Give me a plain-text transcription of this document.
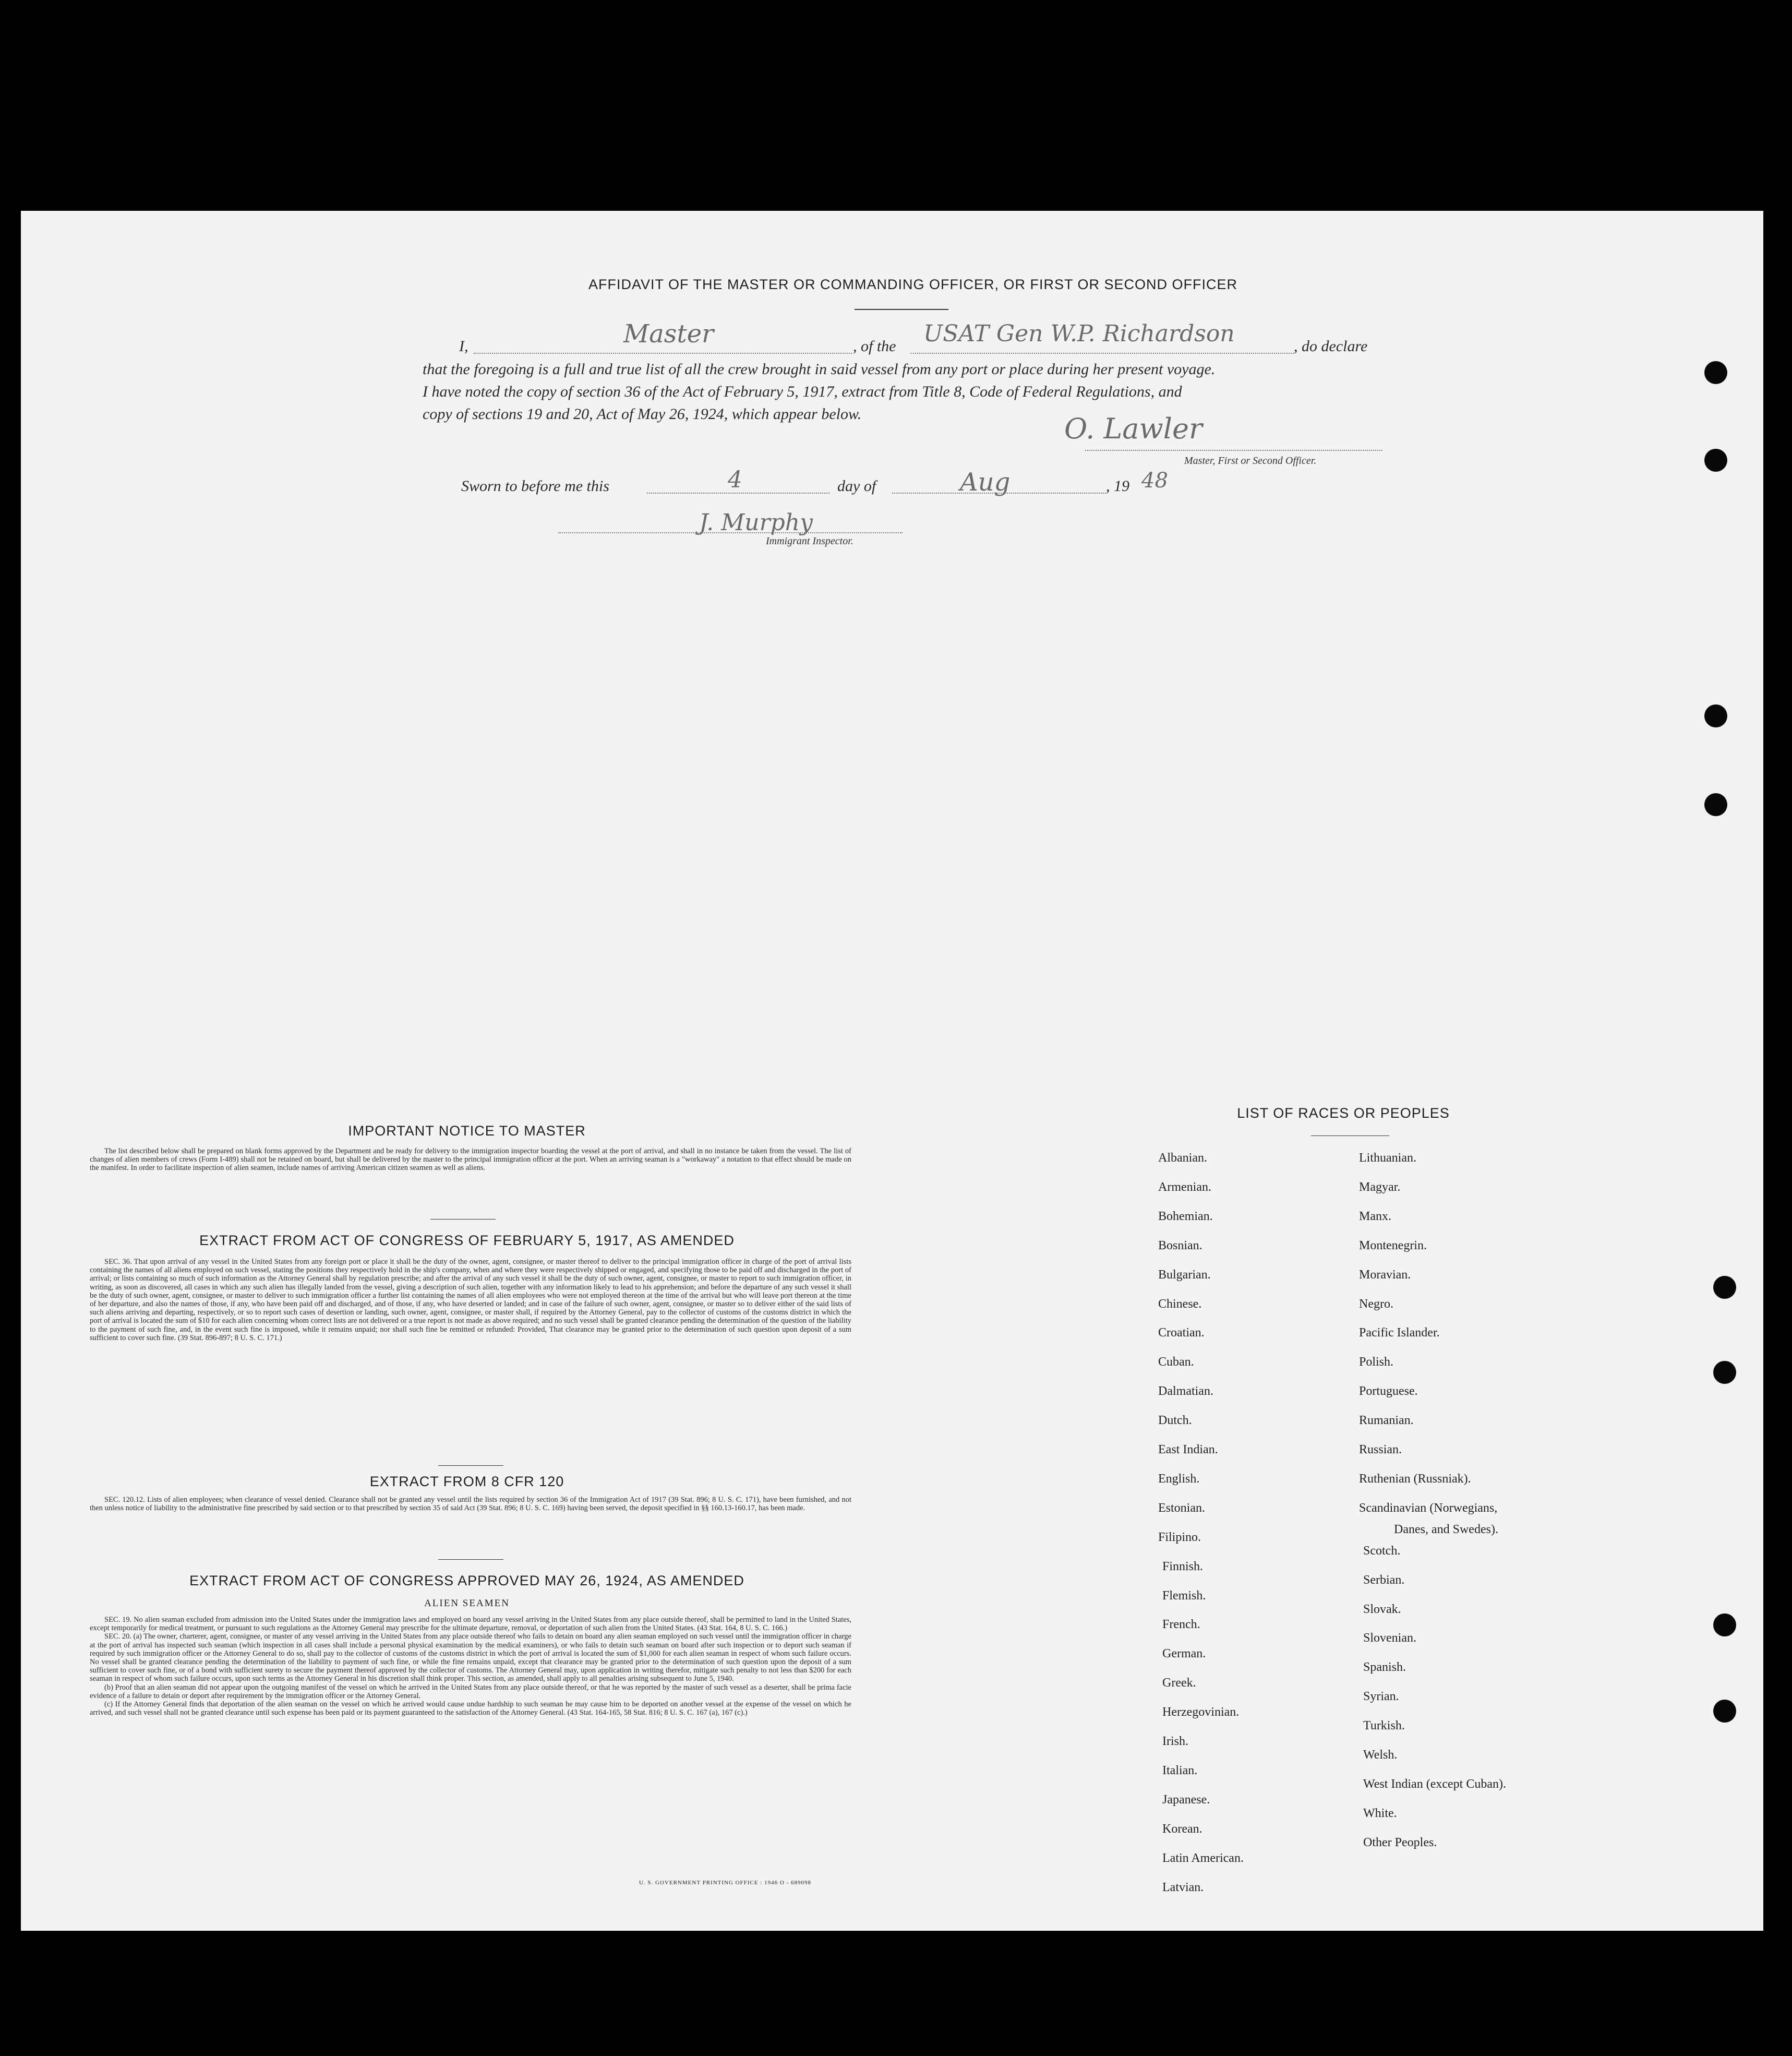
AFFIDAVIT OF THE MASTER OR COMMANDING OFFICER, OR FIRST OR SECOND OFFICER
I,	Master	, of the USAT Gen W.P. Richardson	, do declare
that the foregoing is a full and true list of all the crew brought in said vessel from any port or place during her present voyage.
I have noted the copy of section 36 of the Act of February 5, 1917, extract from Title 8, Code of Federal Regulations, and
copy of sections 19 and 20, Act of May 26, 1924, which appear below.	O. Lawler
Master, First or Second Officer.
Sworn to before me this	4	day of	Aug	, 19 48
J. Murphy
Immigrant Inspector.
IMPORTANT NOTICE TO MASTER
The list described below shall be prepared on blank forms approved by the Department and be ready for delivery to the immigration inspector boarding the vessel at the port of arrival, and shall in no instance be taken from the vessel. The list of changes of alien members of crews (Form I-489) shall not be retained on board, but shall be delivered by the master to the principal immigration officer at the port. When an arriving seaman is a "workaway" a notation to that effect should be made on the manifest. In order to facilitate inspection of alien seamen, include names of arriving American citizen seamen as well as aliens.
EXTRACT FROM ACT OF CONGRESS OF FEBRUARY 5, 1917, AS AMENDED
SEC. 36. That upon arrival of any vessel in the United States from any foreign port or place it shall be the duty of the owner, agent, consignee, or master thereof to deliver to the principal immigration officer in charge of the port of arrival lists containing the names of all aliens employed on such vessel, stating the positions they respectively hold in the ship's company, when and where they were respectively shipped or engaged, and specifying those to be paid off and discharged in the port of arrival; or lists containing so much of such information as the Attorney General shall by regulation prescribe; and after the arrival of any such vessel it shall be the duty of such owner, agent, consignee, or master to report to such immigration officer, in writing, as soon as discovered, all cases in which any such alien has illegally landed from the vessel, giving a description of such alien, together with any information likely to lead to his apprehension; and before the departure of any such vessel it shall be the duty of such owner, agent, consignee, or master to deliver to such immigration officer a further list containing the names of all alien employees who were not employed thereon at the time of the arrival but who will leave port thereon at the time of her departure, and also the names of those, if any, who have been paid off and discharged, and of those, if any, who have deserted or landed; and in case of the failure of such owner, agent, consignee, or master so to deliver either of the said lists of such aliens arriving and departing, respectively, or so to report such cases of desertion or landing, such owner, agent, consignee, or master shall, if required by the Attorney General, pay to the collector of customs of the customs district in which the port of arrival is located the sum of $10 for each alien concerning whom correct lists are not delivered or a true report is not made as above required; and no such vessel shall be granted clearance pending the determination of the question of the liability to the payment of such fine, and, in the event such fine is imposed, while it remains unpaid; nor shall such fine be remitted or refunded: Provided, That clearance may be granted prior to the determination of such question upon deposit of a sum sufficient to cover such fine. (39 Stat. 896-897; 8 U. S. C. 171.)
EXTRACT FROM 8 CFR 120
SEC. 120.12. Lists of alien employees; when clearance of vessel denied. Clearance shall not be granted any vessel until the lists required by section 36 of the Immigration Act of 1917 (39 Stat. 896; 8 U. S. C. 171), have been furnished, and not then unless notice of liability to the administrative fine prescribed by said section or to that prescribed by section 35 of said Act (39 Stat. 896; 8 U. S. C. 169) having been served, the deposit specified in §§ 160.13-160.17, has been made.
EXTRACT FROM ACT OF CONGRESS APPROVED MAY 26, 1924, AS AMENDED
ALIEN SEAMEN
SEC. 19. No alien seaman excluded from admission into the United States under the immigration laws and employed on board any vessel arriving in the United States from any place outside thereof, shall be permitted to land in the United States, except temporarily for medical treatment, or pursuant to such regulations as the Attorney General may prescribe for the ultimate departure, removal, or deportation of such alien from the United States. (43 Stat. 164, 8 U. S. C. 166.)
SEC. 20. (a) The owner, charterer, agent, consignee, or master of any vessel arriving in the United States from any place outside thereof who fails to detain on board any alien seaman employed on such vessel until the immigration officer in charge at the port of arrival has inspected such seaman (which inspection in all cases shall include a personal physical examination by the medical examiners), or who fails to detain such seaman on board after such inspection or to deport such seaman if required by such immigration officer or the Attorney General to do so, shall pay to the collector of customs of the customs district in which the port of arrival is located the sum of $1,000 for each alien seaman in respect of whom such failure occurs. No vessel shall be granted clearance pending the determination of the liability to payment of such fine, or while the fine remains unpaid, except that clearance may be granted prior to the determination of such question upon the deposit of a sum sufficient to cover such fine, or of a bond with sufficient surety to secure the payment thereof approved by the collector of customs. The Attorney General may, upon application in writing therefor, mitigate such penalty to not less than $200 for each seaman in respect of whom such failure occurs, upon such terms as the Attorney General in his discretion shall think proper. This section, as amended, shall apply to all penalties arising subsequent to June 5, 1940.
(b) Proof that an alien seaman did not appear upon the outgoing manifest of the vessel on which he arrived in the United States from any place outside thereof, or that he was reported by the master of such vessel as a deserter, shall be prima facie evidence of a failure to detain or deport after requirement by the immigration officer or the Attorney General.
(c) If the Attorney General finds that deportation of the alien seaman on the vessel on which he arrived would cause undue hardship to such seaman he may cause him to be deported on another vessel at the expense of the vessel on which he arrived, and such vessel shall not be granted clearance until such expense has been paid or its payment guaranteed to the satisfaction of the Attorney General. (43 Stat. 164-165, 58 Stat. 816; 8 U. S. C. 167 (a), 167 (c).)
U. S. GOVERNMENT PRINTING OFFICE : 1946 O - 689098
LIST OF RACES OR PEOPLES
Albanian.
Armenian.
Bohemian.
Bosnian.
Bulgarian.
Chinese.
Croatian.
Cuban.
Dalmatian.
Dutch.
East Indian.
English.
Estonian.
Filipino.
Finnish.
Flemish.
French.
German.
Greek.
Herzegovinian.
Irish.
Italian.
Japanese.
Korean.
Latin American.
Latvian.
Lithuanian.
Magyar.
Manx.
Montenegrin.
Moravian.
Negro.
Pacific Islander.
Polish.
Portuguese.
Rumanian.
Russian.
Ruthenian (Russniak).
Scandinavian (Norwegians,
Scotch.
Serbian.
Slovak.
Slovenian.
Spanish.
Syrian.
Turkish.
Welsh.
West Indian (except Cuban).
White.
Other Peoples.
Danes, and Swedes).
